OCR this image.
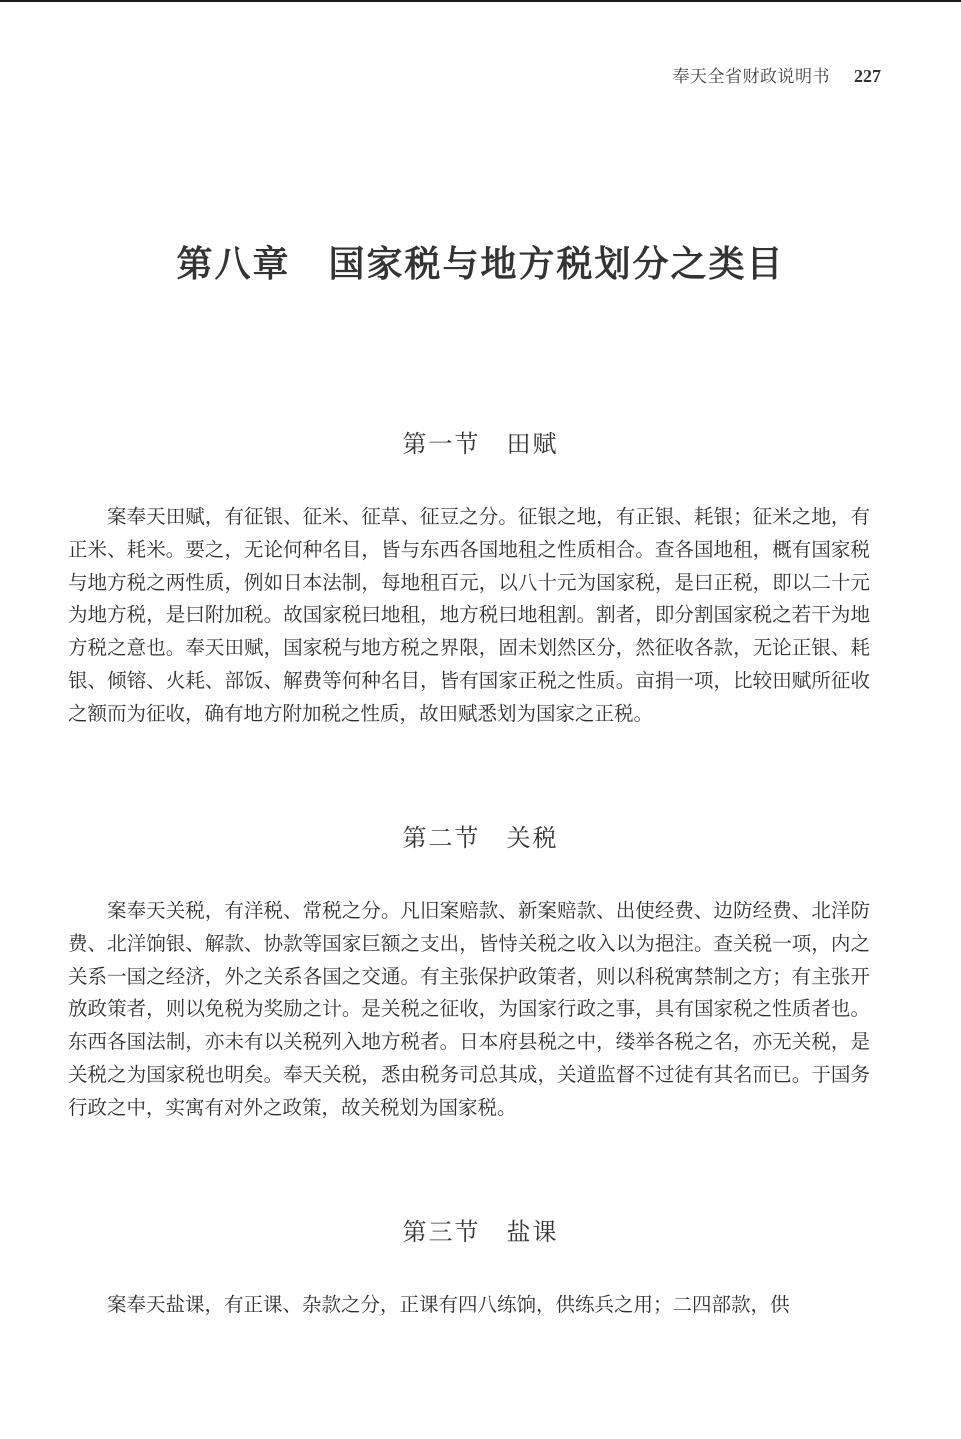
奉天全省财政说明书 227
第八章　国家税与地方税划分之类目
第一节　田赋

案奉天田赋，有征银、征米、征草、征豆之分。征银之地，有正银、耗银；征米之地，有正米、耗米。要之，无论何种名目，皆与东西各国地租之性质相合。查各国地租，概有国家税与地方税之两性质，例如日本法制，每地租百元，以八十元为国家税，是曰正税，即以二十元为地方税，是曰附加税。故国家税曰地租，地方税曰地租割。割者，即分割国家税之若干为地方税之意也。奉天田赋，国家税与地方税之界限，固未划然区分，然征收各款，无论正银、耗银、倾镕、火耗、部饭、解费等何种名目，皆有国家正税之性质。亩捐一项，比较田赋所征收之额而为征收，确有地方附加税之性质，故田赋悉划为国家之正税。

第二节　关税

案奉天关税，有洋税、常税之分。凡旧案赔款、新案赔款、出使经费、边防经费、北洋防费、北洋饷银、解款、协款等国家巨额之支出，皆恃关税之收入以为挹注。查关税一项，内之关系一国之经济，外之关系各国之交通。有主张保护政策者，则以科税寓禁制之方；有主张开放政策者，则以免税为奖励之计。是关税之征收，为国家行政之事，具有国家税之性质者也。东西各国法制，亦未有以关税列入地方税者。日本府县税之中，缕举各税之名，亦无关税，是关税之为国家税也明矣。奉天关税，悉由税务司总其成，关道监督不过徒有其名而已。于国务行政之中，实寓有对外之政策，故关税划为国家税。

第三节　盐课

案奉天盐课，有正课、杂款之分，正课有四八练饷，供练兵之用；二四部款，供
